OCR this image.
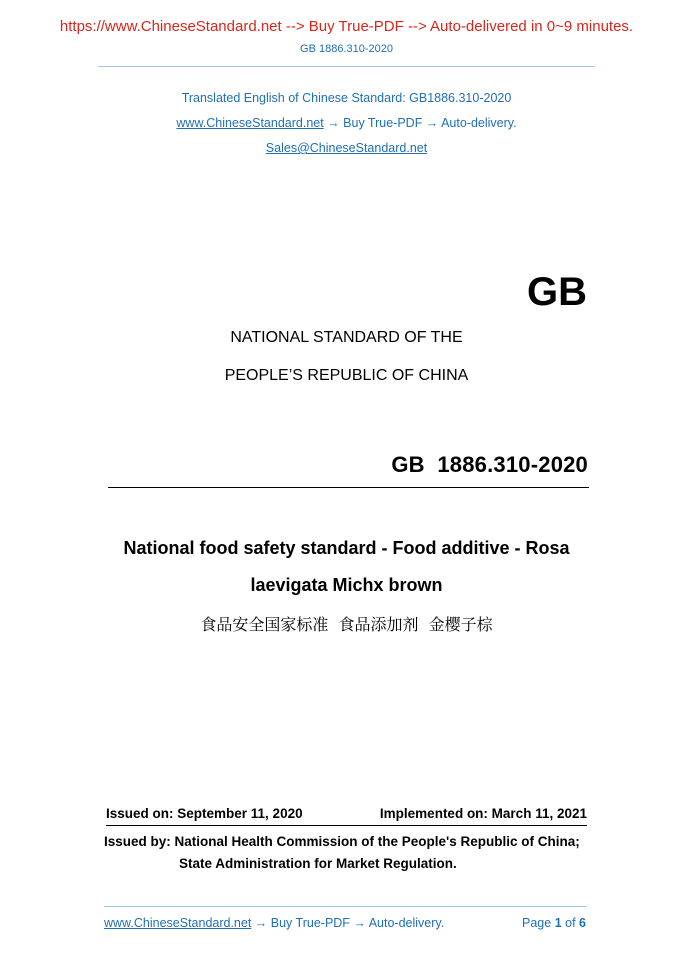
https://www.ChineseStandard.net --> Buy True-PDF --> Auto-delivered in 0~9 minutes.
GB 1886.310-2020
Translated English of Chinese Standard: GB1886.310-2020
www.ChineseStandard.net → Buy True-PDF → Auto-delivery.
Sales@ChineseStandard.net
GB
NATIONAL STANDARD OF THE
PEOPLE’S REPUBLIC OF CHINA
GB  1886.310-2020
National food safety standard - Food additive - Rosa
laevigata Michx brown
食品安全国家标准  食品添加剂  金樱子棕
Issued on: September 11, 2020	Implemented on: March 11, 2021
Issued by: National Health Commission of the People's Republic of China;
State Administration for Market Regulation.
www.ChineseStandard.net → Buy True-PDF → Auto-delivery.	Page 1 of 6
